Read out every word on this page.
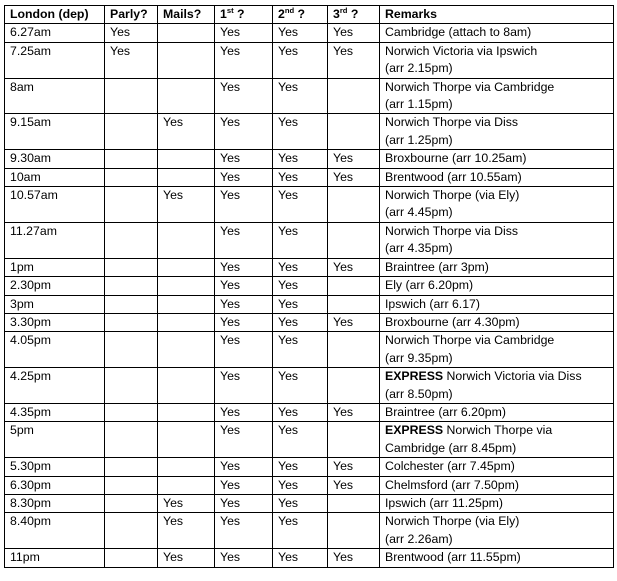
London (dep)	Parly?	Mails?	1st ?	2nd ?	3rd ?	Remarks
6.27am	Yes		Yes	Yes	Yes	Cambridge (attach to 8am)
7.25am	Yes		Yes	Yes	Yes	Norwich Victoria via Ipswich
(arr 2.15pm)
8am			Yes	Yes		Norwich Thorpe via Cambridge
(arr 1.15pm)
9.15am		Yes	Yes	Yes		Norwich Thorpe via Diss
(arr 1.25pm)
9.30am			Yes	Yes	Yes	Broxbourne (arr 10.25am)
10am			Yes	Yes	Yes	Brentwood (arr 10.55am)
10.57am		Yes	Yes	Yes		Norwich Thorpe (via Ely)
(arr 4.45pm)
11.27am			Yes	Yes		Norwich Thorpe via Diss
(arr 4.35pm)
1pm			Yes	Yes	Yes	Braintree (arr 3pm)
2.30pm			Yes	Yes		Ely (arr 6.20pm)
3pm			Yes	Yes		Ipswich (arr 6.17)
3.30pm			Yes	Yes	Yes	Broxbourne (arr 4.30pm)
4.05pm			Yes	Yes		Norwich Thorpe via Cambridge
(arr 9.35pm)
4.25pm			Yes	Yes		EXPRESS Norwich Victoria via Diss
(arr 8.50pm)
4.35pm			Yes	Yes	Yes	Braintree (arr 6.20pm)
5pm			Yes	Yes		EXPRESS Norwich Thorpe via
Cambridge (arr 8.45pm)
5.30pm			Yes	Yes	Yes	Colchester (arr 7.45pm)
6.30pm			Yes	Yes	Yes	Chelmsford (arr 7.50pm)
8.30pm		Yes	Yes	Yes		Ipswich (arr 11.25pm)
8.40pm		Yes	Yes	Yes		Norwich Thorpe (via Ely)
(arr 2.26am)
11pm		Yes	Yes	Yes	Yes	Brentwood (arr 11.55pm)
